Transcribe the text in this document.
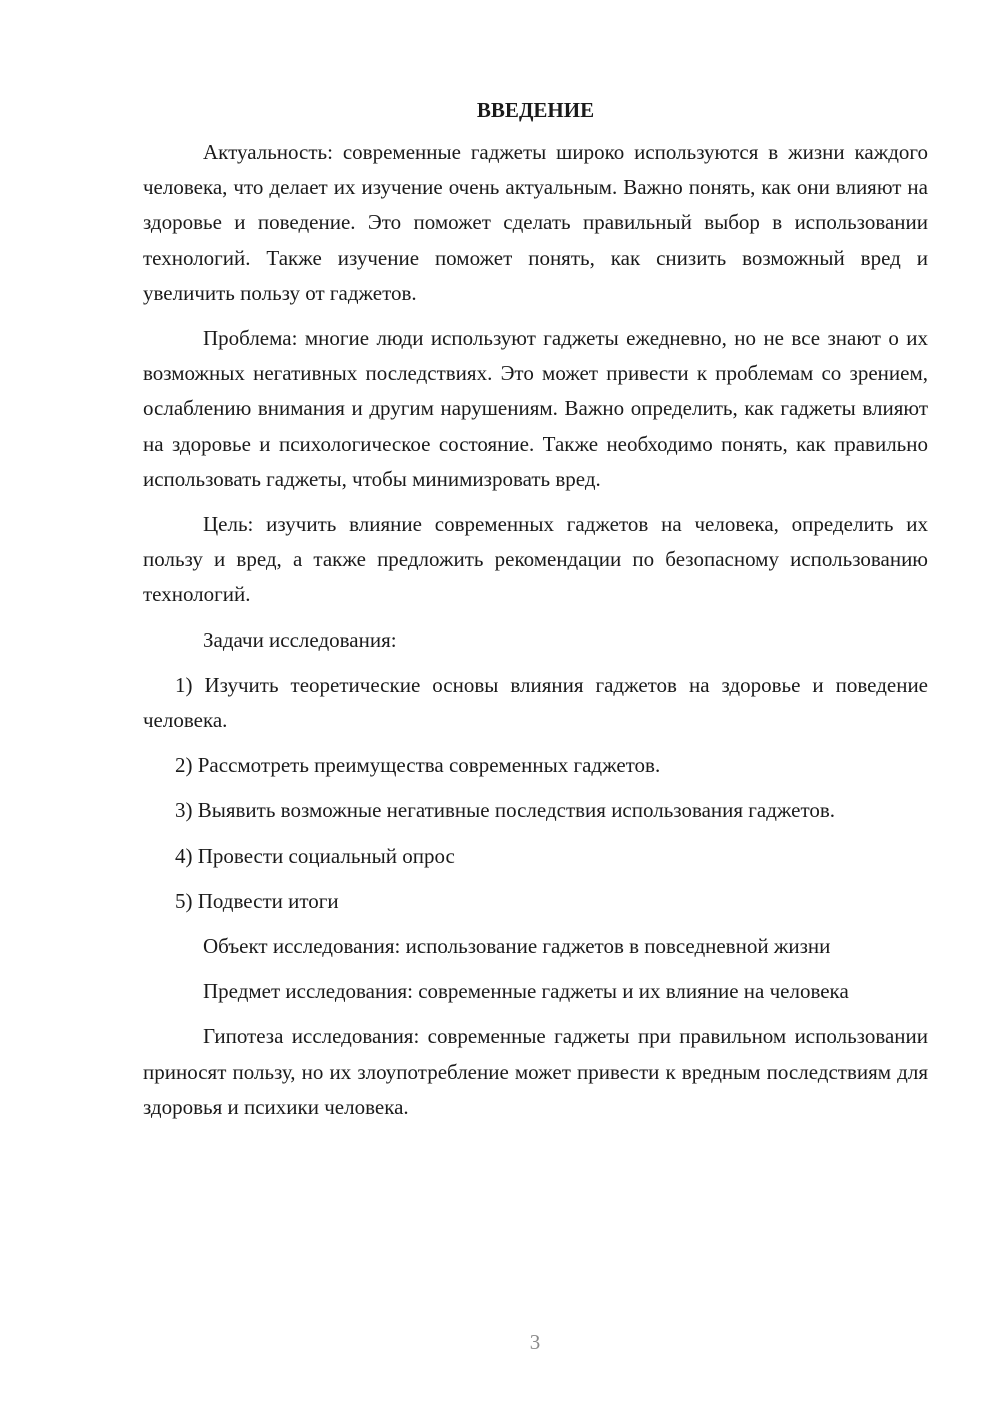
ВВЕДЕНИЕ

Актуальность: современные гаджеты широко используются в жизни каждого человека, что делает их изучение очень актуальным. Важно понять, как они влияют на здоровье и поведение. Это поможет сделать правильный выбор в использовании технологий. Также изучение поможет понять, как снизить возможный вред и увеличить пользу от гаджетов.

Проблема: многие люди используют гаджеты ежедневно, но не все знают о их возможных негативных последствиях. Это может привести к проблемам со зрением, ослаблению внимания и другим нарушениям. Важно определить, как гаджеты влияют на здоровье и психологическое состояние. Также необходимо понять, как правильно использовать гаджеты, чтобы минимизровать вред.

Цель: изучить влияние современных гаджетов на человека, определить их пользу и вред, а также предложить рекомендации по безопасному использованию технологий.

Задачи исследования:

1) Изучить теоретические основы влияния гаджетов на здоровье и поведение человека.

2) Рассмотреть преимущества современных гаджетов.

3) Выявить возможные негативные последствия использования гаджетов.

4) Провести социальный опрос

5) Подвести итоги

Объект исследования: использование гаджетов в повседневной жизни

Предмет исследования: современные гаджеты и их влияние на человека

Гипотеза исследования: современные гаджеты при правильном использовании приносят пользу, но их злоупотребление может привести к вредным последствиям для здоровья и психики человека.

3
